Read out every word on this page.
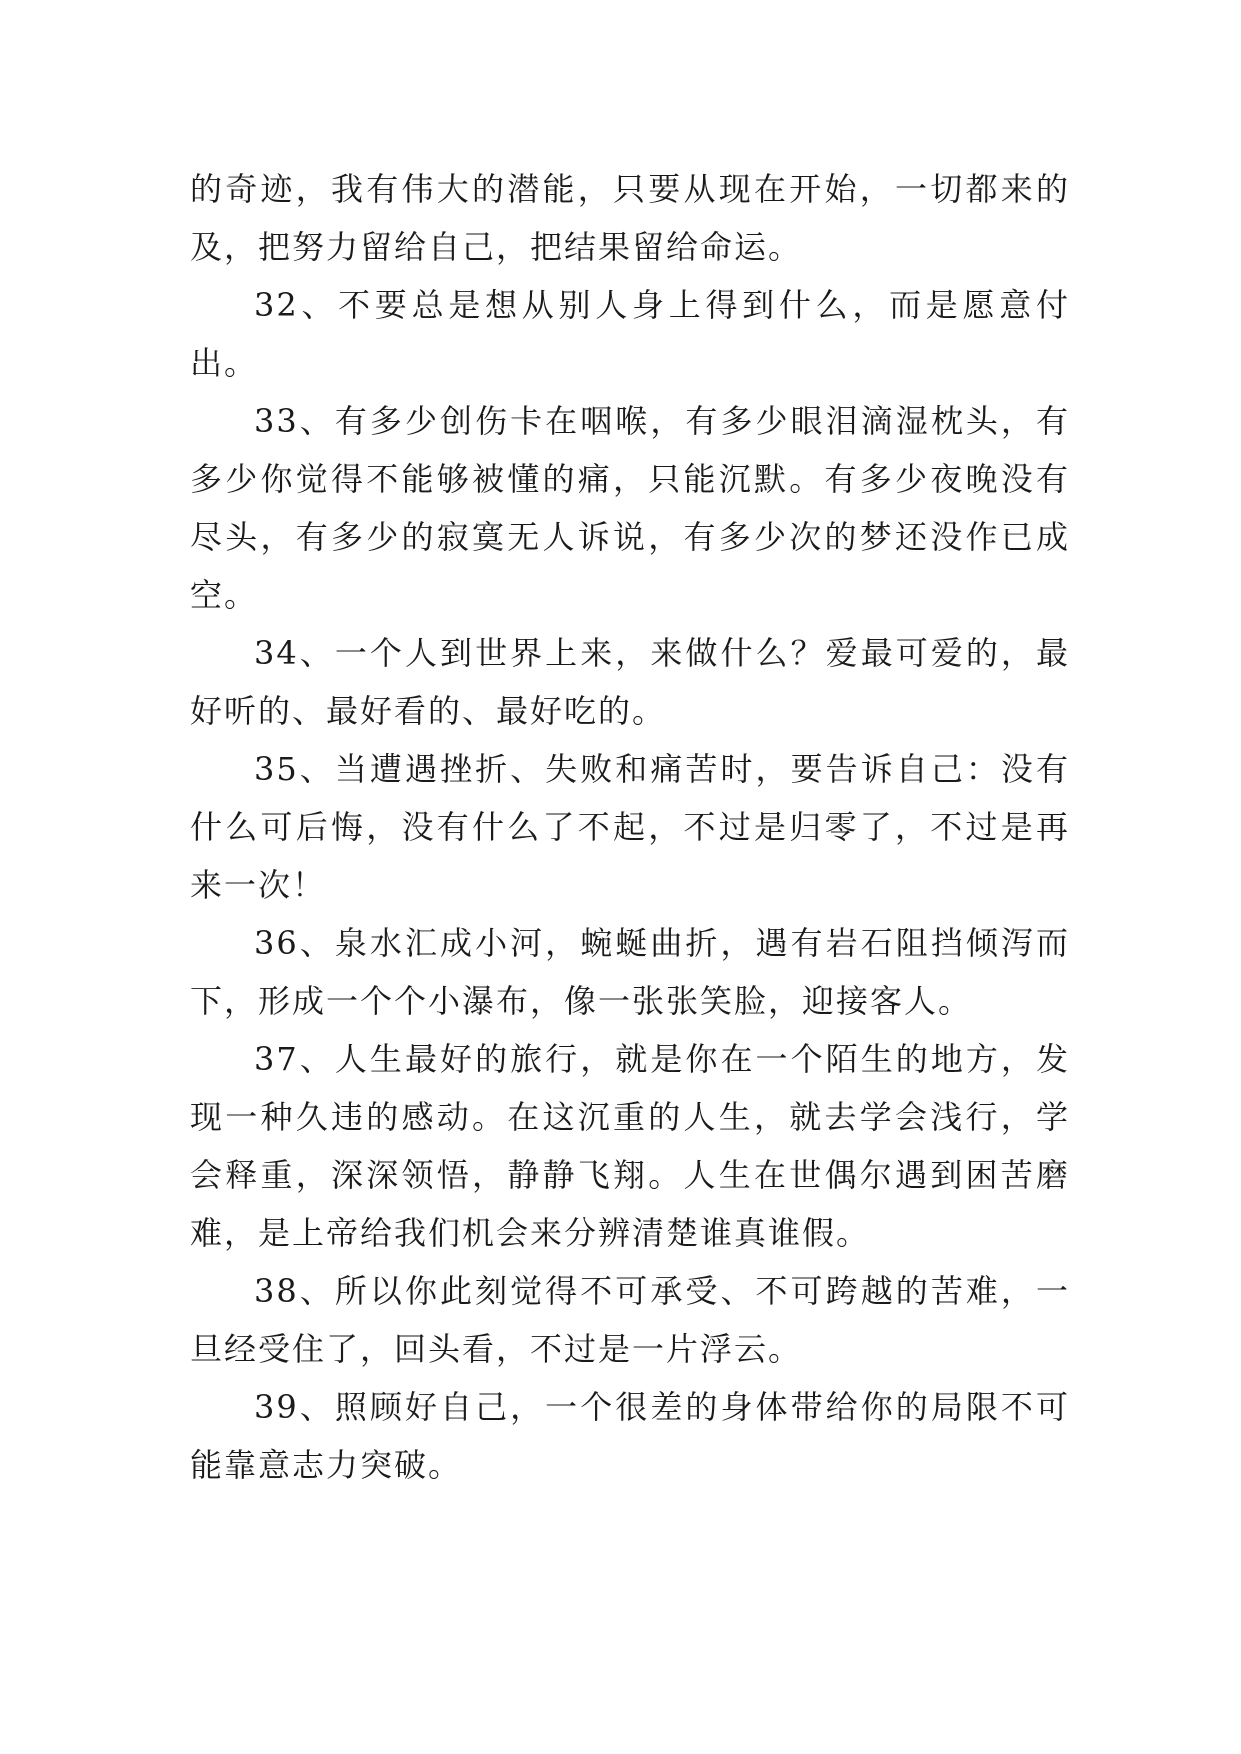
的奇迹，我有伟大的潜能，只要从现在开始，一切都来的及，把努力留给自己，把结果留给命运。

32、不要总是想从别人身上得到什么，而是愿意付出。

33、有多少创伤卡在咽喉，有多少眼泪滴湿枕头，有多少你觉得不能够被懂的痛，只能沉默。有多少夜晚没有尽头，有多少的寂寞无人诉说，有多少次的梦还没作已成空。

34、一个人到世界上来，来做什么？爱最可爱的，最好听的、最好看的、最好吃的。

35、当遭遇挫折、失败和痛苦时，要告诉自己：没有什么可后悔，没有什么了不起，不过是归零了，不过是再来一次！

36、泉水汇成小河，蜿蜒曲折，遇有岩石阻挡倾泻而下，形成一个个小瀑布，像一张张笑脸，迎接客人。

37、人生最好的旅行，就是你在一个陌生的地方，发现一种久违的感动。在这沉重的人生，就去学会浅行，学会释重，深深领悟，静静飞翔。人生在世偶尔遇到困苦磨难，是上帝给我们机会来分辨清楚谁真谁假。

38、所以你此刻觉得不可承受、不可跨越的苦难，一旦经受住了，回头看，不过是一片浮云。

39、照顾好自己，一个很差的身体带给你的局限不可能靠意志力突破。
